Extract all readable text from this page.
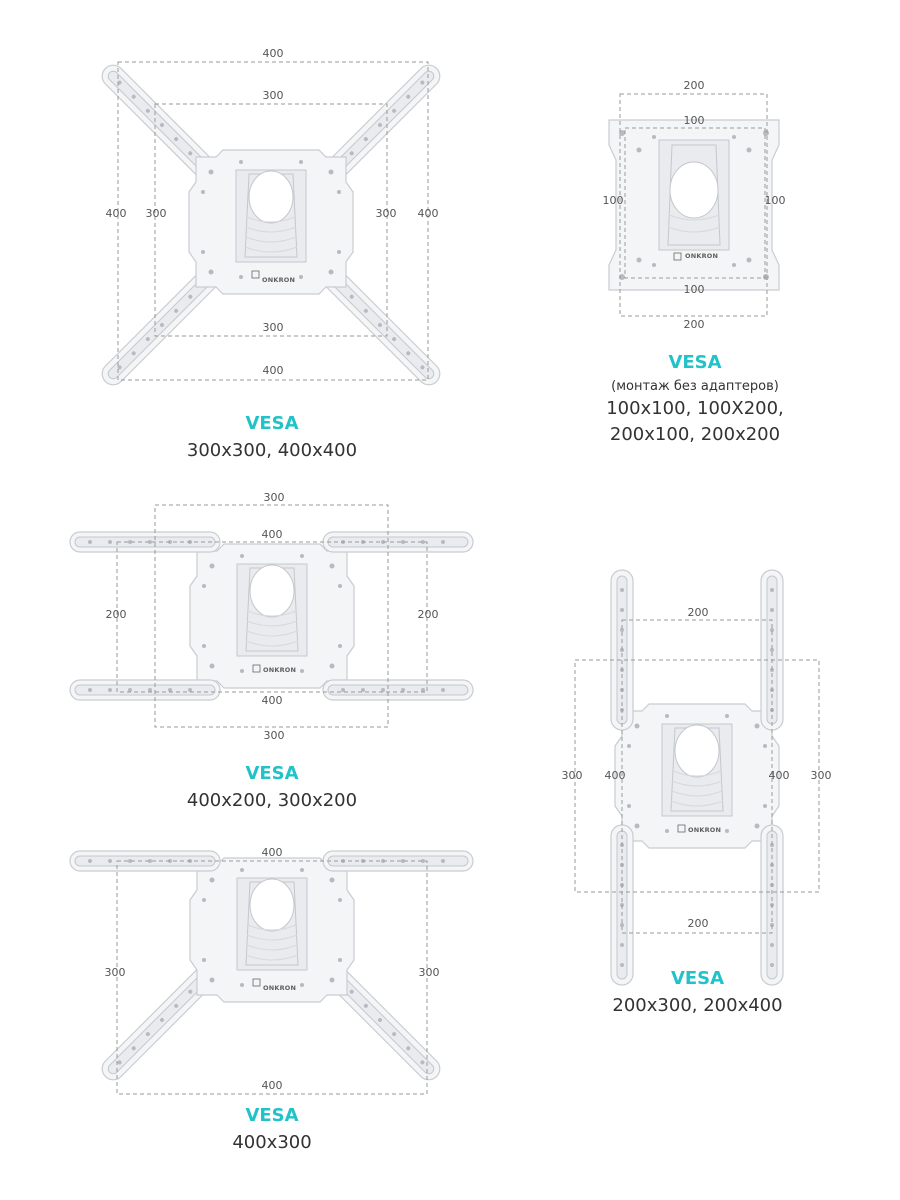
ONKRON
400
300
400 300	300 400
300
400
ONKRON
200
100
100	100
100
200
ONKRON
300
400
200	200
400
300
ONKRON
200
300 400	400 300
200
ONKRON
400
300	300
400
VESA
300x300, 400x400
VESA
(монтаж без адаптеров)
100x100, 100X200,
200x100, 200x200
VESA
400x200, 300x200
VESA
200x300, 200x400
VESA
400x300
